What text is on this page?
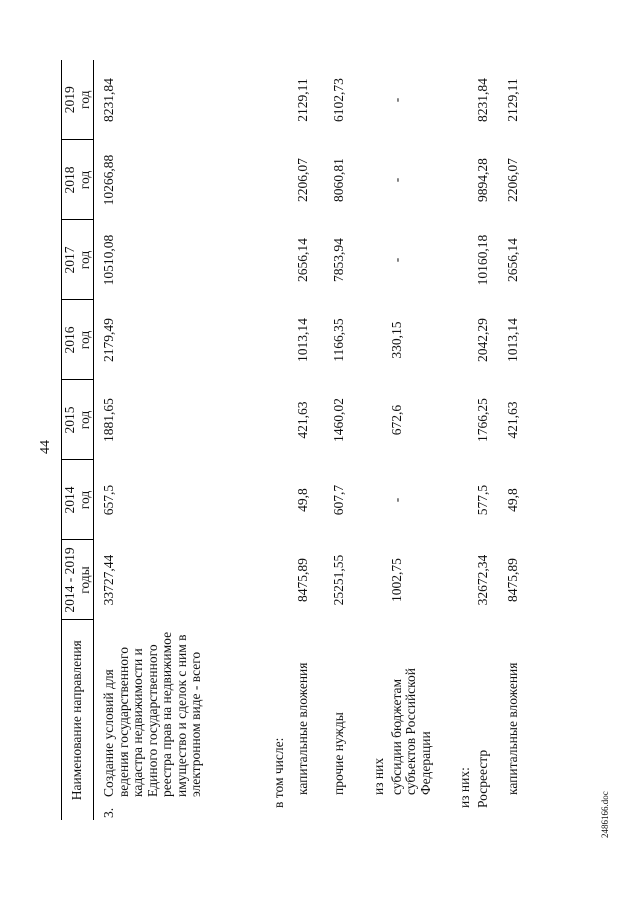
44
Наименование направления	2014 - 2019 годы	2014 год	2015 год	2016 год	2017 год	2018 год	2019 год

3.
Создание условий для ведения государственного кадастра недвижимости и Единого государственного реестра прав на недвижимое имущество и сделок с ним в электронном виде - всего	33727,44	657,5	1881,65	2179,49	10510,08	10266,88	8231,84
в том числе:							
капитальные вложения	8475,89	49,8	421,63	1013,14	2656,14	2206,07	2129,11
прочие нужды	25251,55	607,7	1460,02	1166,35	7853,94	8060,81	6102,73
из них							
субсидии бюджетам субъектов Российской Федерации	1002,75	-	672,6	330,15	-	-	-
из них:							
Росреестр	32672,34	577,5	1766,25	2042,29	10160,18	9894,28	8231,84
капитальные вложения	8475,89	49,8	421,63	1013,14	2656,14	2206,07	2129,11
2486166.doc
